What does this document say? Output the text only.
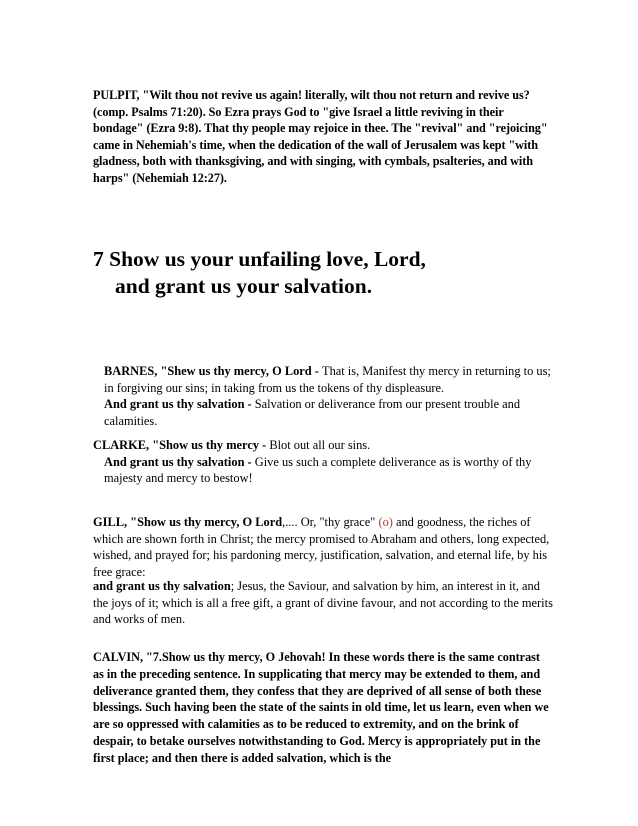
PULPIT, "Wilt thou not revive us again! literally, wilt thou not return and revive us? (comp. Psalms 71:20). So Ezra prays God to "give Israel a little reviving in their bondage" (Ezra 9:8). That thy people may rejoice in thee. The "revival" and "rejoicing" came in Nehemiah's time, when the dedication of the wall of Jerusalem was kept "with gladness, both with thanksgiving, and with singing, with cymbals, psalteries, and with harps" (Nehemiah 12:27).

7 Show us your unfailing love, Lord,
and grant us your salvation.

BARNES, "Shew us thy mercy, O Lord - That is, Manifest thy mercy in returning to us; in forgiving our sins; in taking from us the tokens of thy displeasure.

And grant us thy salvation - Salvation or deliverance from our present trouble and calamities.

CLARKE, "Show us thy mercy - Blot out all our sins.

And grant us thy salvation - Give us such a complete deliverance as is worthy of thy majesty and mercy to bestow!

GILL, "Show us thy mercy, O Lord,.... Or, "thy grace" (o) and goodness, the riches of which are shown forth in Christ; the mercy promised to Abraham and others, long expected, wished, and prayed for; his pardoning mercy, justification, salvation, and eternal life, by his free grace:

and grant us thy salvation; Jesus, the Saviour, and salvation by him, an interest in it, and the joys of it; which is all a free gift, a grant of divine favour, and not according to the merits and works of men.

CALVIN, "7.Show us thy mercy, O Jehovah! In these words there is the same contrast as in the preceding sentence. In supplicating that mercy may be extended to them, and deliverance granted them, they confess that they are deprived of all sense of both these blessings. Such having been the state of the saints in old time, let us learn, even when we are so oppressed with calamities as to be reduced to extremity, and on the brink of despair, to betake ourselves notwithstanding to God. Mercy is appropriately put in the first place; and then there is added salvation, which is the
